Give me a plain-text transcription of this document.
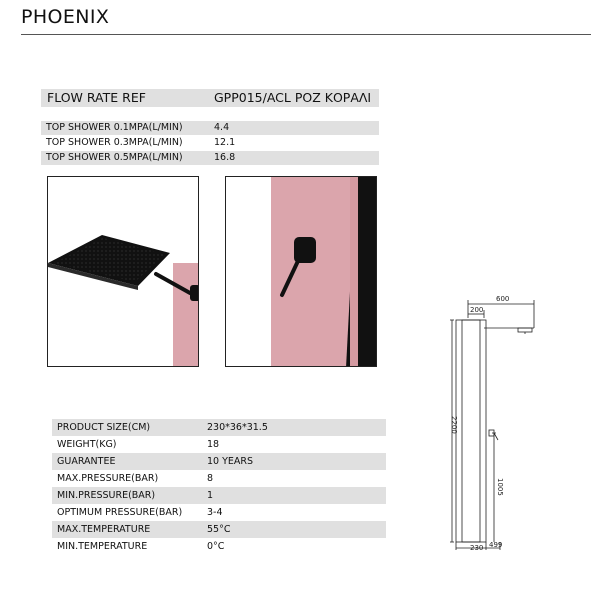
PHOENIX
FLOW RATE REF	GPP015/ACL ΡΟΖ ΚΟΡΑΛΙ
TOP SHOWER 0.1MPA(L/MIN)	4.4
TOP SHOWER 0.3MPA(L/MIN)	12.1
TOP SHOWER 0.5MPA(L/MIN)	16.8
PRODUCT SIZE(CM)	230*36*31.5
WEIGHT(KG)	18
GUARANTEE	10 YEARS
MAX.PRESSURE(BAR)	8
MIN.PRESSURE(BAR)	1
OPTIMUM PRESSURE(BAR)	3-4
MAX.TEMPERATURE	55°C
MIN.TEMPERATURE	0°C
600
200
2200
1005
230 499
